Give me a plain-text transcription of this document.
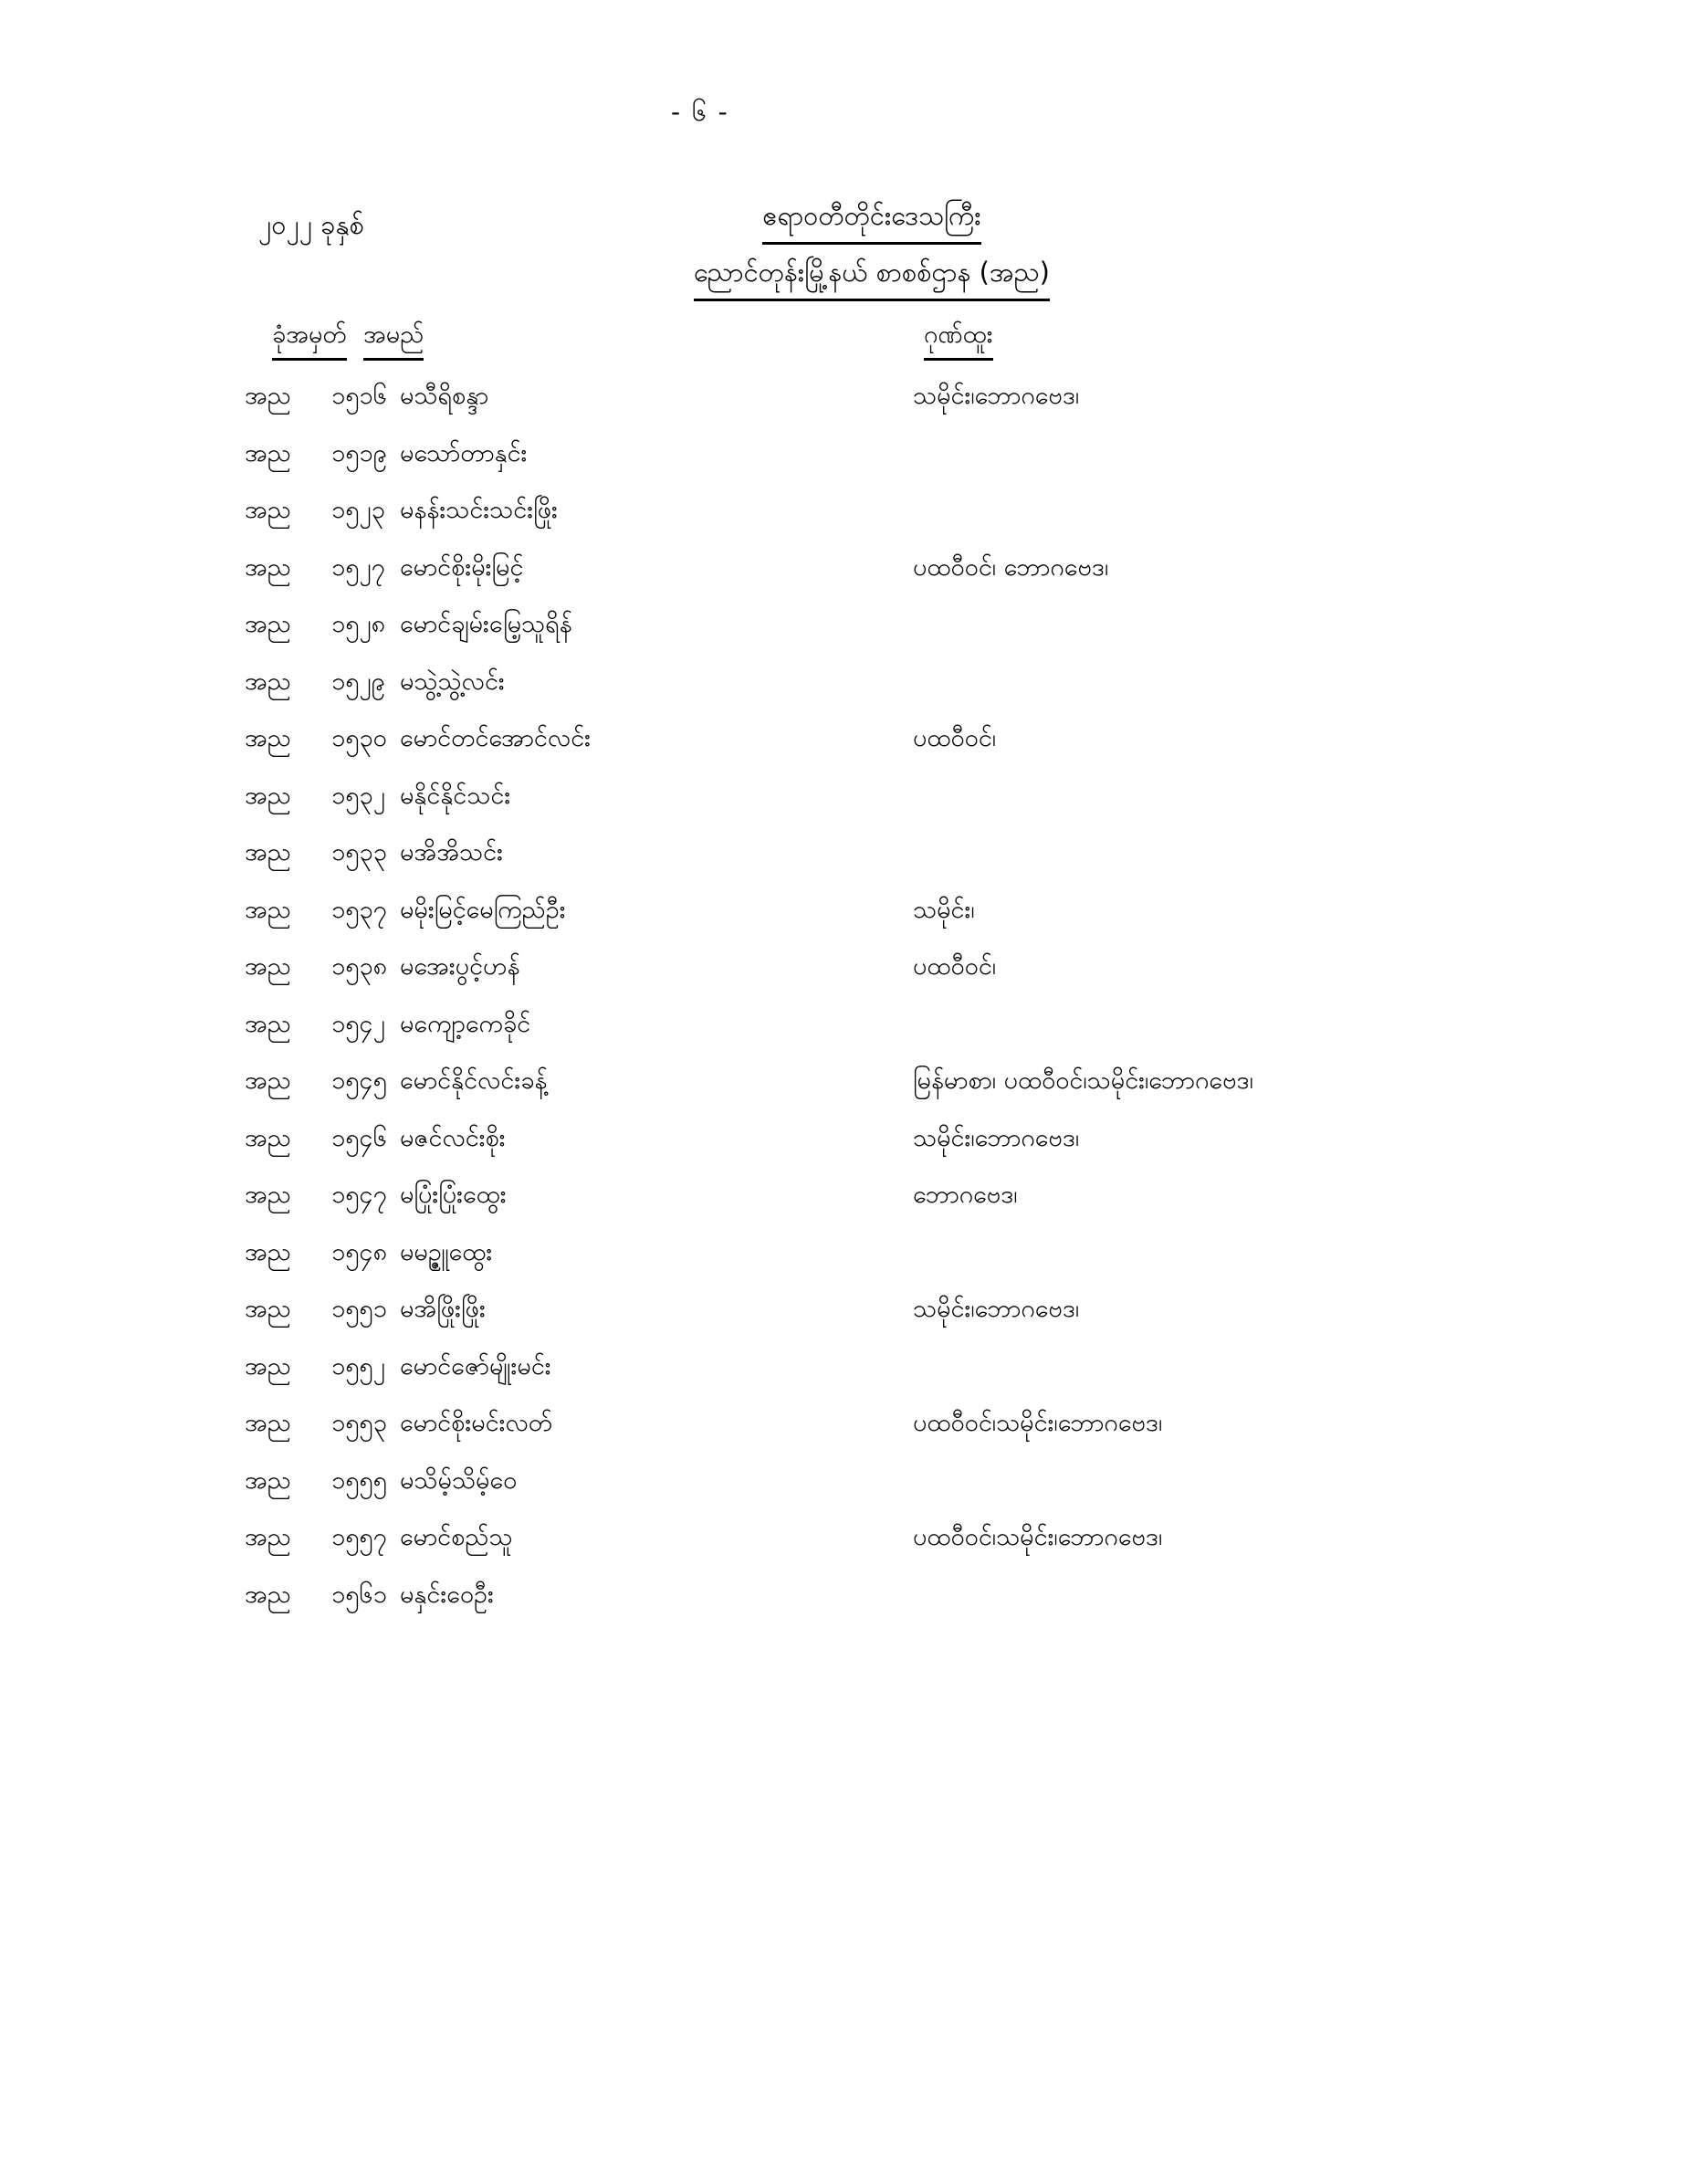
- ၆ -
၂၀၂၂ ခုနှစ်	ဧရာဝတီတိုင်းဒေသကြီး
ညောင်တုန်းမြို့နယ် စာစစ်ဌာန (အည)
ခုံအမှတ် အမည်	ဂုဏ်ထူး
အည ၁၅၁၆ မသီရိစန္ဒာ	သမိုင်း၊ဘောဂဗေဒ၊
အည ၁၅၁၉ မသော်တာနှင်း
အည ၁၅၂၃ မနန်းသင်းသင်းဖြိုး
အည ၁၅၂၇ မောင်စိုးမိုးမြင့်	ပထဝီဝင်၊ ဘောဂဗေဒ၊
အည ၁၅၂၈ မောင်ချမ်းမြေ့သူရိန်
အည ၁၅၂၉ မသွဲ့သွဲ့လင်း
အည ၁၅၃၀ မောင်တင်အောင်လင်း	ပထဝီဝင်၊
အည ၁၅၃၂ မနိုင်နိုင်သင်း
အည ၁၅၃၃ မအိအိသင်း
အည ၁၅၃၇ မမိုးမြင့်မေကြည်ဦး	သမိုင်း၊
အည ၁၅၃၈ မအေးပွင့်ဟန်	ပထဝီဝင်၊
အည ၁၅၄၂ မကျော့ကေခိုင်
အည ၁၅၄၅ မောင်နိုင်လင်းခန့်	မြန်မာစာ၊ ပထဝီဝင်၊သမိုင်း၊ဘောဂဗေဒ၊
အည ၁၅၄၆ မဇင်လင်းစိုး	သမိုင်း၊ဘောဂဗေဒ၊
အည ၁၅၄၇ မပြုံးပြုံးထွေး	ဘောဂဗေဒ၊
အည ၁၅၄၈ မမဉ္ဇူထွေး
အည ၁၅၅၁ မအိဖြိုးဖြိုး	သမိုင်း၊ဘောဂဗေဒ၊
အည ၁၅၅၂ မောင်ဇော်မျိုးမင်း
အည ၁၅၅၃ မောင်စိုးမင်းလတ်	ပထဝီဝင်၊သမိုင်း၊ဘောဂဗေဒ၊
အည ၁၅၅၅ မသိမ့်သိမ့်ဝေ
အည ၁၅၅၇ မောင်စည်သူ	ပထဝီဝင်၊သမိုင်း၊ဘောဂဗေဒ၊
အည ၁၅၆၁ မနှင်းဝေဦး
